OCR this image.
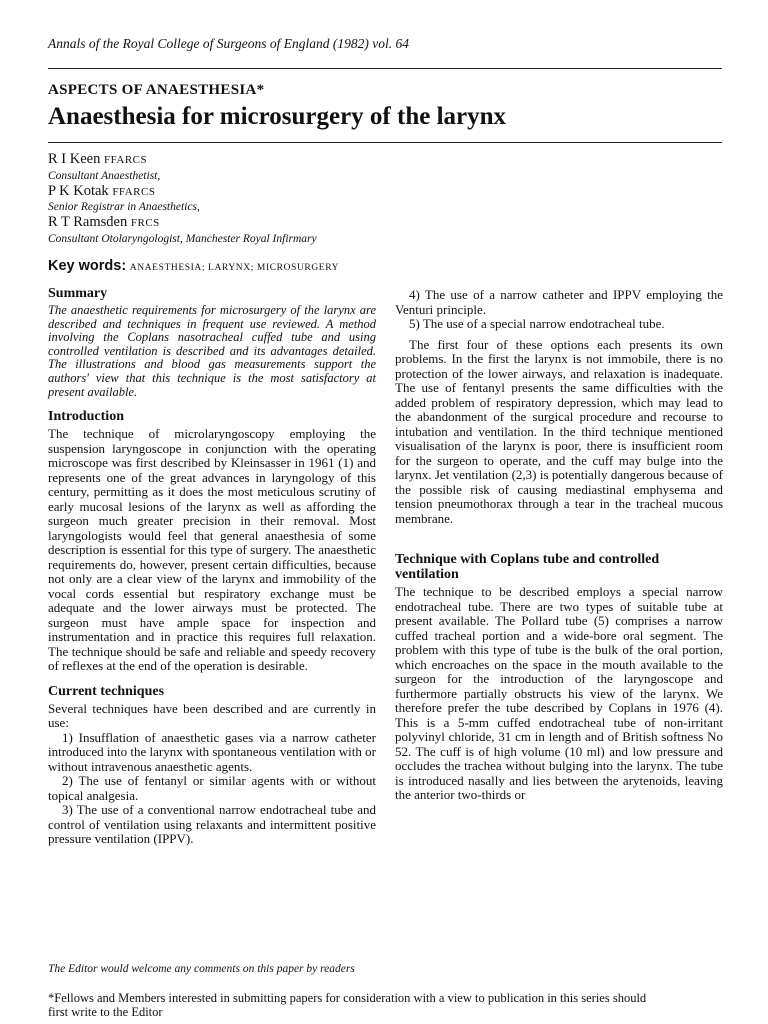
Annals of the Royal College of Surgeons of England (1982) vol. 64
ASPECTS OF ANAESTHESIA*
Anaesthesia for microsurgery of the larynx
R I Keen FFARCS
Consultant Anaesthetist,
P K Kotak FFARCS
Senior Registrar in Anaesthetics,
R T Ramsden FRCS
Consultant Otolaryngologist, Manchester Royal Infirmary
Key words: ANAESTHESIA; LARYNX; MICROSURGERY
Summary

The anaesthetic requirements for microsurgery of the larynx are described and techniques in frequent use reviewed. A method involving the Coplans nasotracheal cuffed tube and using controlled ventilation is described and its advantages detailed. The illustrations and blood gas measurements support the authors' view that this technique is the most satisfactory at present available.

Introduction

The technique of microlaryngoscopy employing the suspension laryngoscope in conjunction with the operating microscope was first described by Kleinsasser in 1961 (1) and represents one of the great advances in laryngology of this century, permitting as it does the most meticulous scrutiny of early mucosal lesions of the larynx as well as affording the surgeon much greater precision in their removal. Most laryngologists would feel that general anaesthesia of some description is essential for this type of surgery. The anaesthetic requirements do, however, present certain difficulties, because not only are a clear view of the larynx and immobility of the vocal cords essential but respiratory exchange must be adequate and the lower airways must be protected. The surgeon must have ample space for inspection and instrumentation and in practice this requires full relaxation. The technique should be safe and reliable and speedy recovery of reflexes at the end of the operation is desirable.

Current techniques

Several techniques have been described and are currently in use:

1) Insufflation of anaesthetic gases via a narrow catheter introduced into the larynx with spontaneous ventilation with or without intravenous anaesthetic agents.

2) The use of fentanyl or similar agents with or without topical analgesia.

3) The use of a conventional narrow endotracheal tube and control of ventilation using relaxants and intermittent positive pressure ventilation (IPPV).

4) The use of a narrow catheter and IPPV employing the Venturi principle.

5) The use of a special narrow endotracheal tube.

The first four of these options each presents its own problems. In the first the larynx is not immobile, there is no protection of the lower airways, and relaxation is inadequate. The use of fentanyl presents the same difficulties with the added problem of respiratory depression, which may lead to the abandonment of the surgical procedure and recourse to intubation and ventilation. In the third technique mentioned visualisation of the larynx is poor, there is insufficient room for the surgeon to operate, and the cuff may bulge into the larynx. Jet ventilation (2,3) is potentially dangerous because of the possible risk of causing mediastinal emphysema and tension pneumothorax through a tear in the tracheal mucous membrane.

Technique with Coplans tube and controlled ventilation

The technique to be described employs a special narrow endotracheal tube. There are two types of suitable tube at present available. The Pollard tube (5) comprises a narrow cuffed tracheal portion and a wide-bore oral segment. The problem with this type of tube is the bulk of the oral portion, which encroaches on the space in the mouth available to the surgeon for the introduction of the laryngoscope and furthermore partially obstructs his view of the larynx. We therefore prefer the tube described by Coplans in 1976 (4). This is a 5-mm cuffed endotracheal tube of non-irritant polyvinyl chloride, 31 cm in length and of British softness No 52. The cuff is of high volume (10 ml) and low pressure and occludes the trachea without bulging into the larynx. The tube is introduced nasally and lies between the arytenoids, leaving the anterior two-thirds or

The Editor would welcome any comments on this paper by readers
*Fellows and Members interested in submitting papers for consideration with a view to publication in this series should first write to the Editor
